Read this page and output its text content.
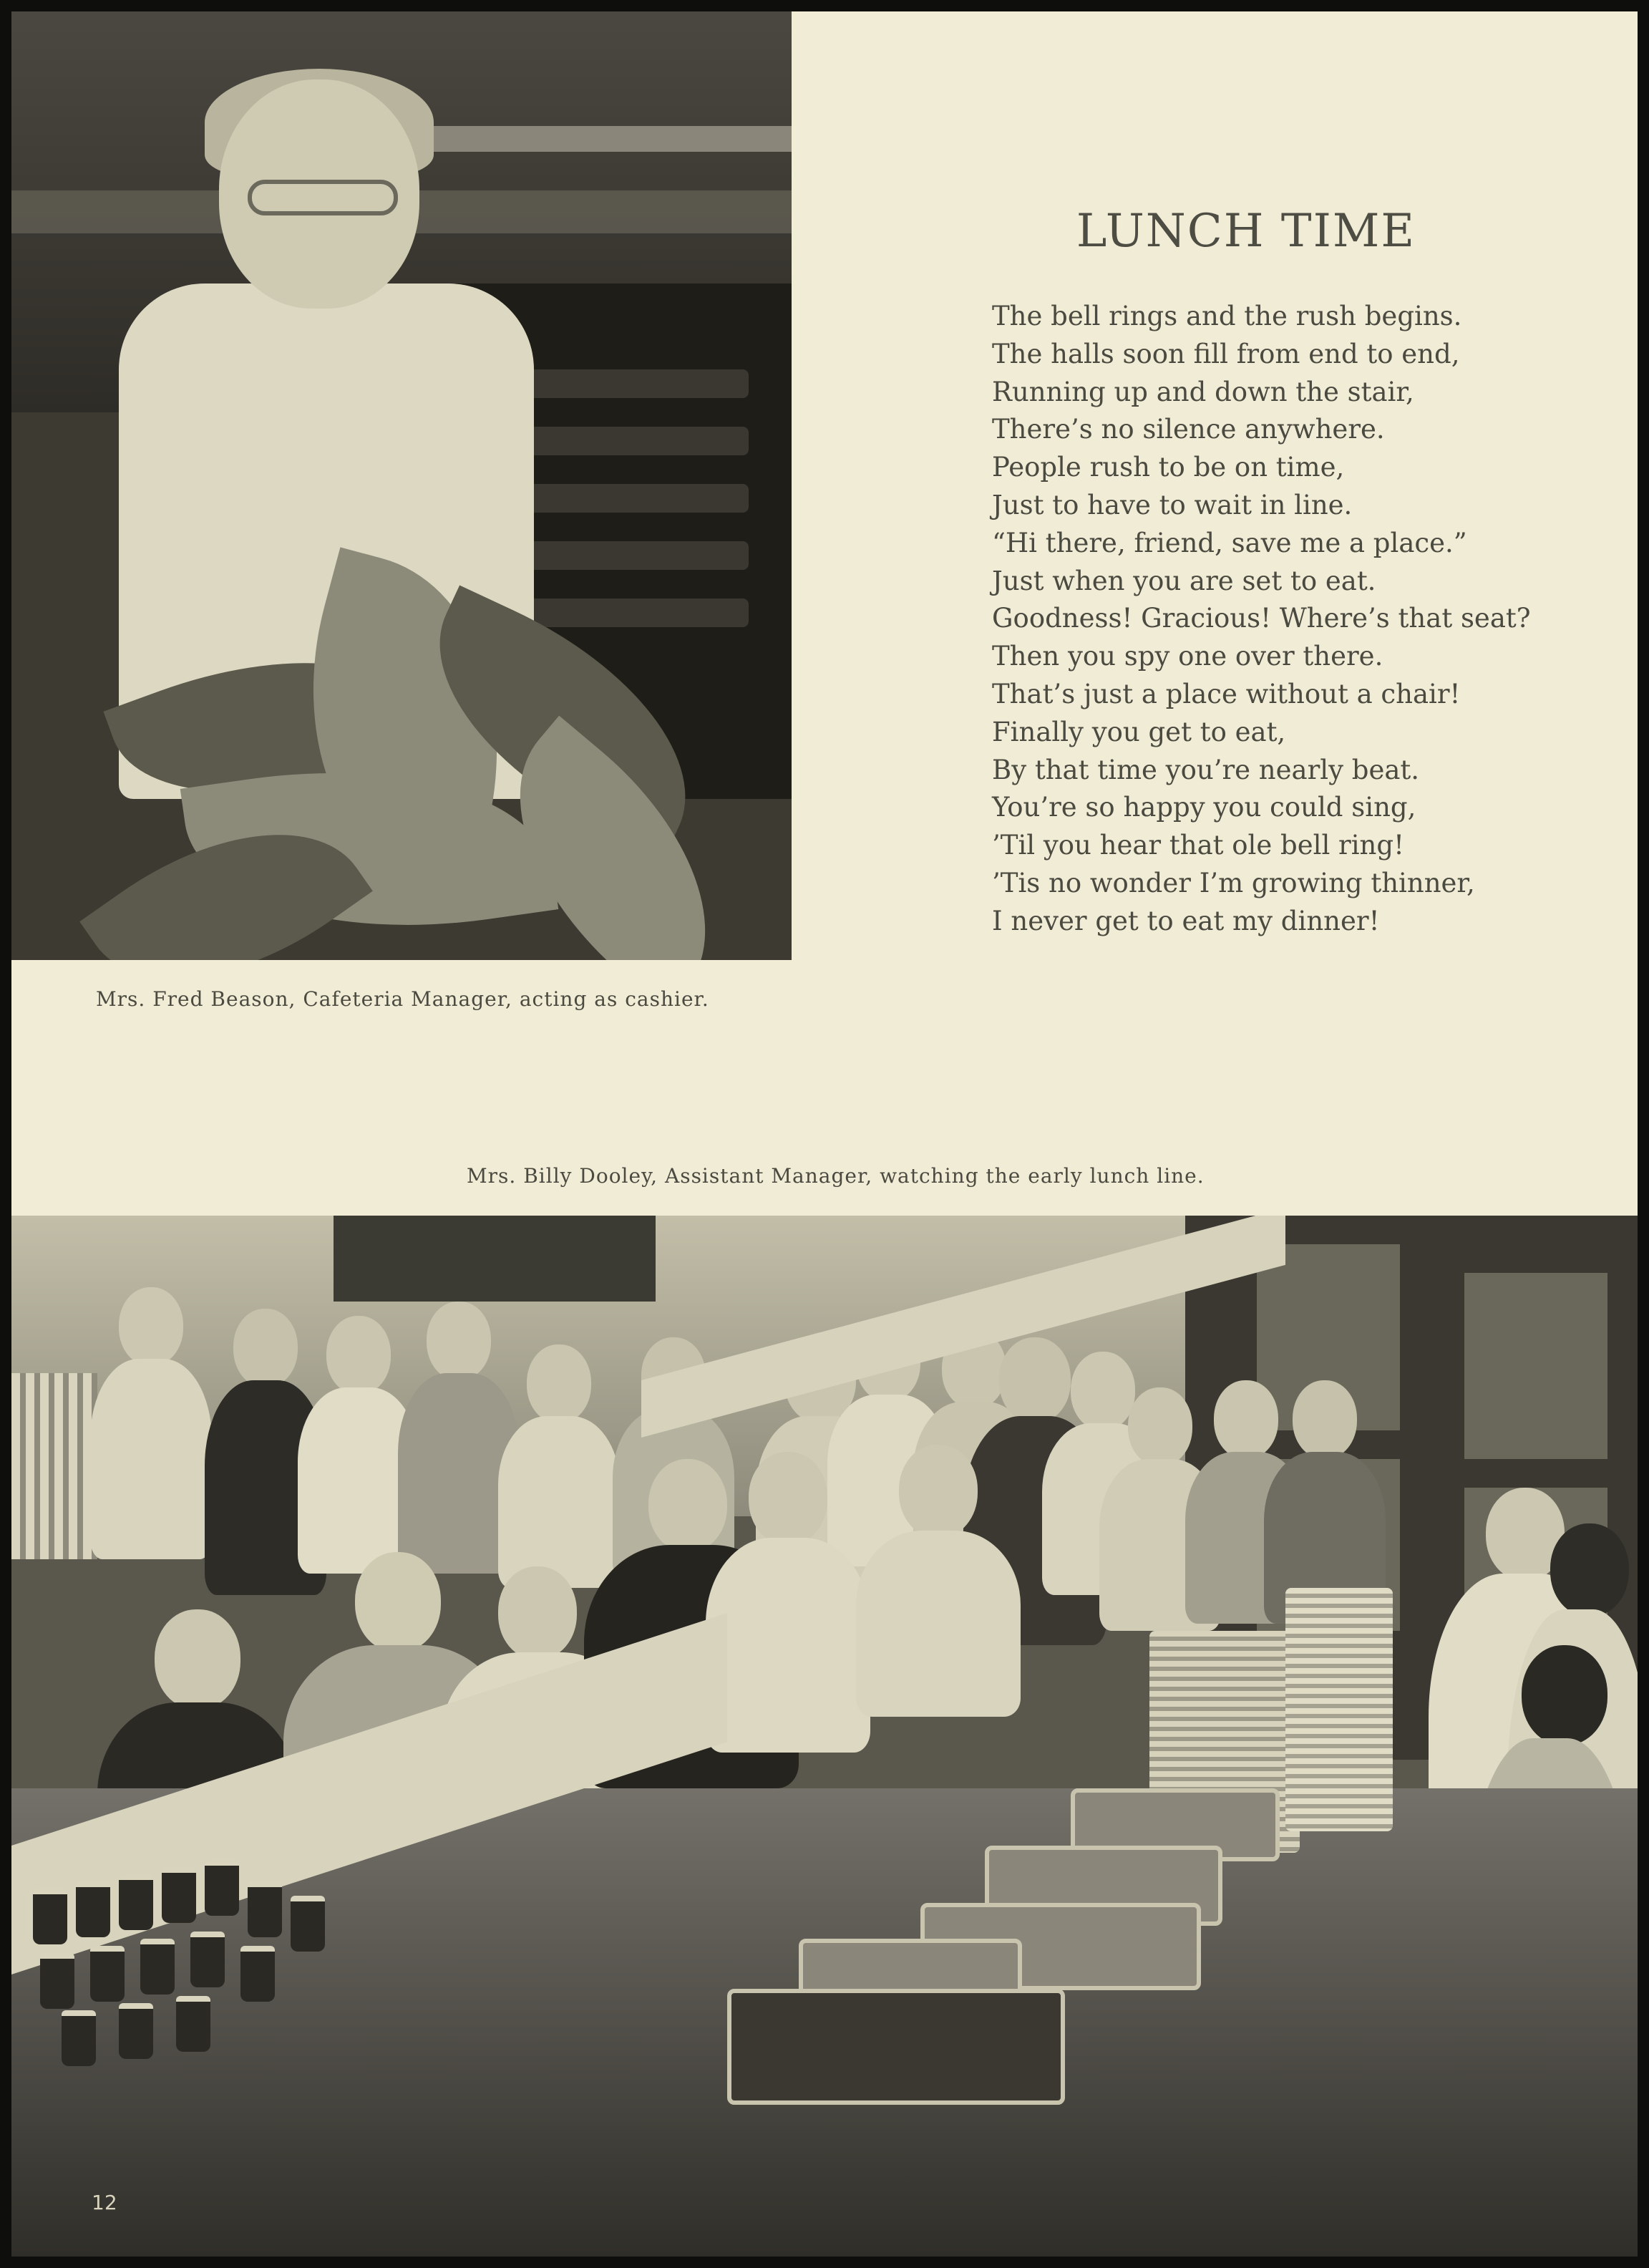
LUNCH TIME
The bell rings and the rush begins.
The halls soon fill from end to end,
Running up and down the stair,
There’s no silence anywhere.
People rush to be on time,
Just to have to wait in line.
“Hi there, friend, save me a place.”
Just when you are set to eat.
Goodness! Gracious! Where’s that seat?
Then you spy one over there.
That’s just a place without a chair!
Finally you get to eat,
By that time you’re nearly beat.
You’re so happy you could sing,
’Til you hear that ole bell ring!
’Tis no wonder I’m growing thinner,
I never get to eat my dinner!
Mrs. Fred Beason, Cafeteria Manager, acting as cashier.
Mrs. Billy Dooley, Assistant Manager, watching the early lunch line.
12
